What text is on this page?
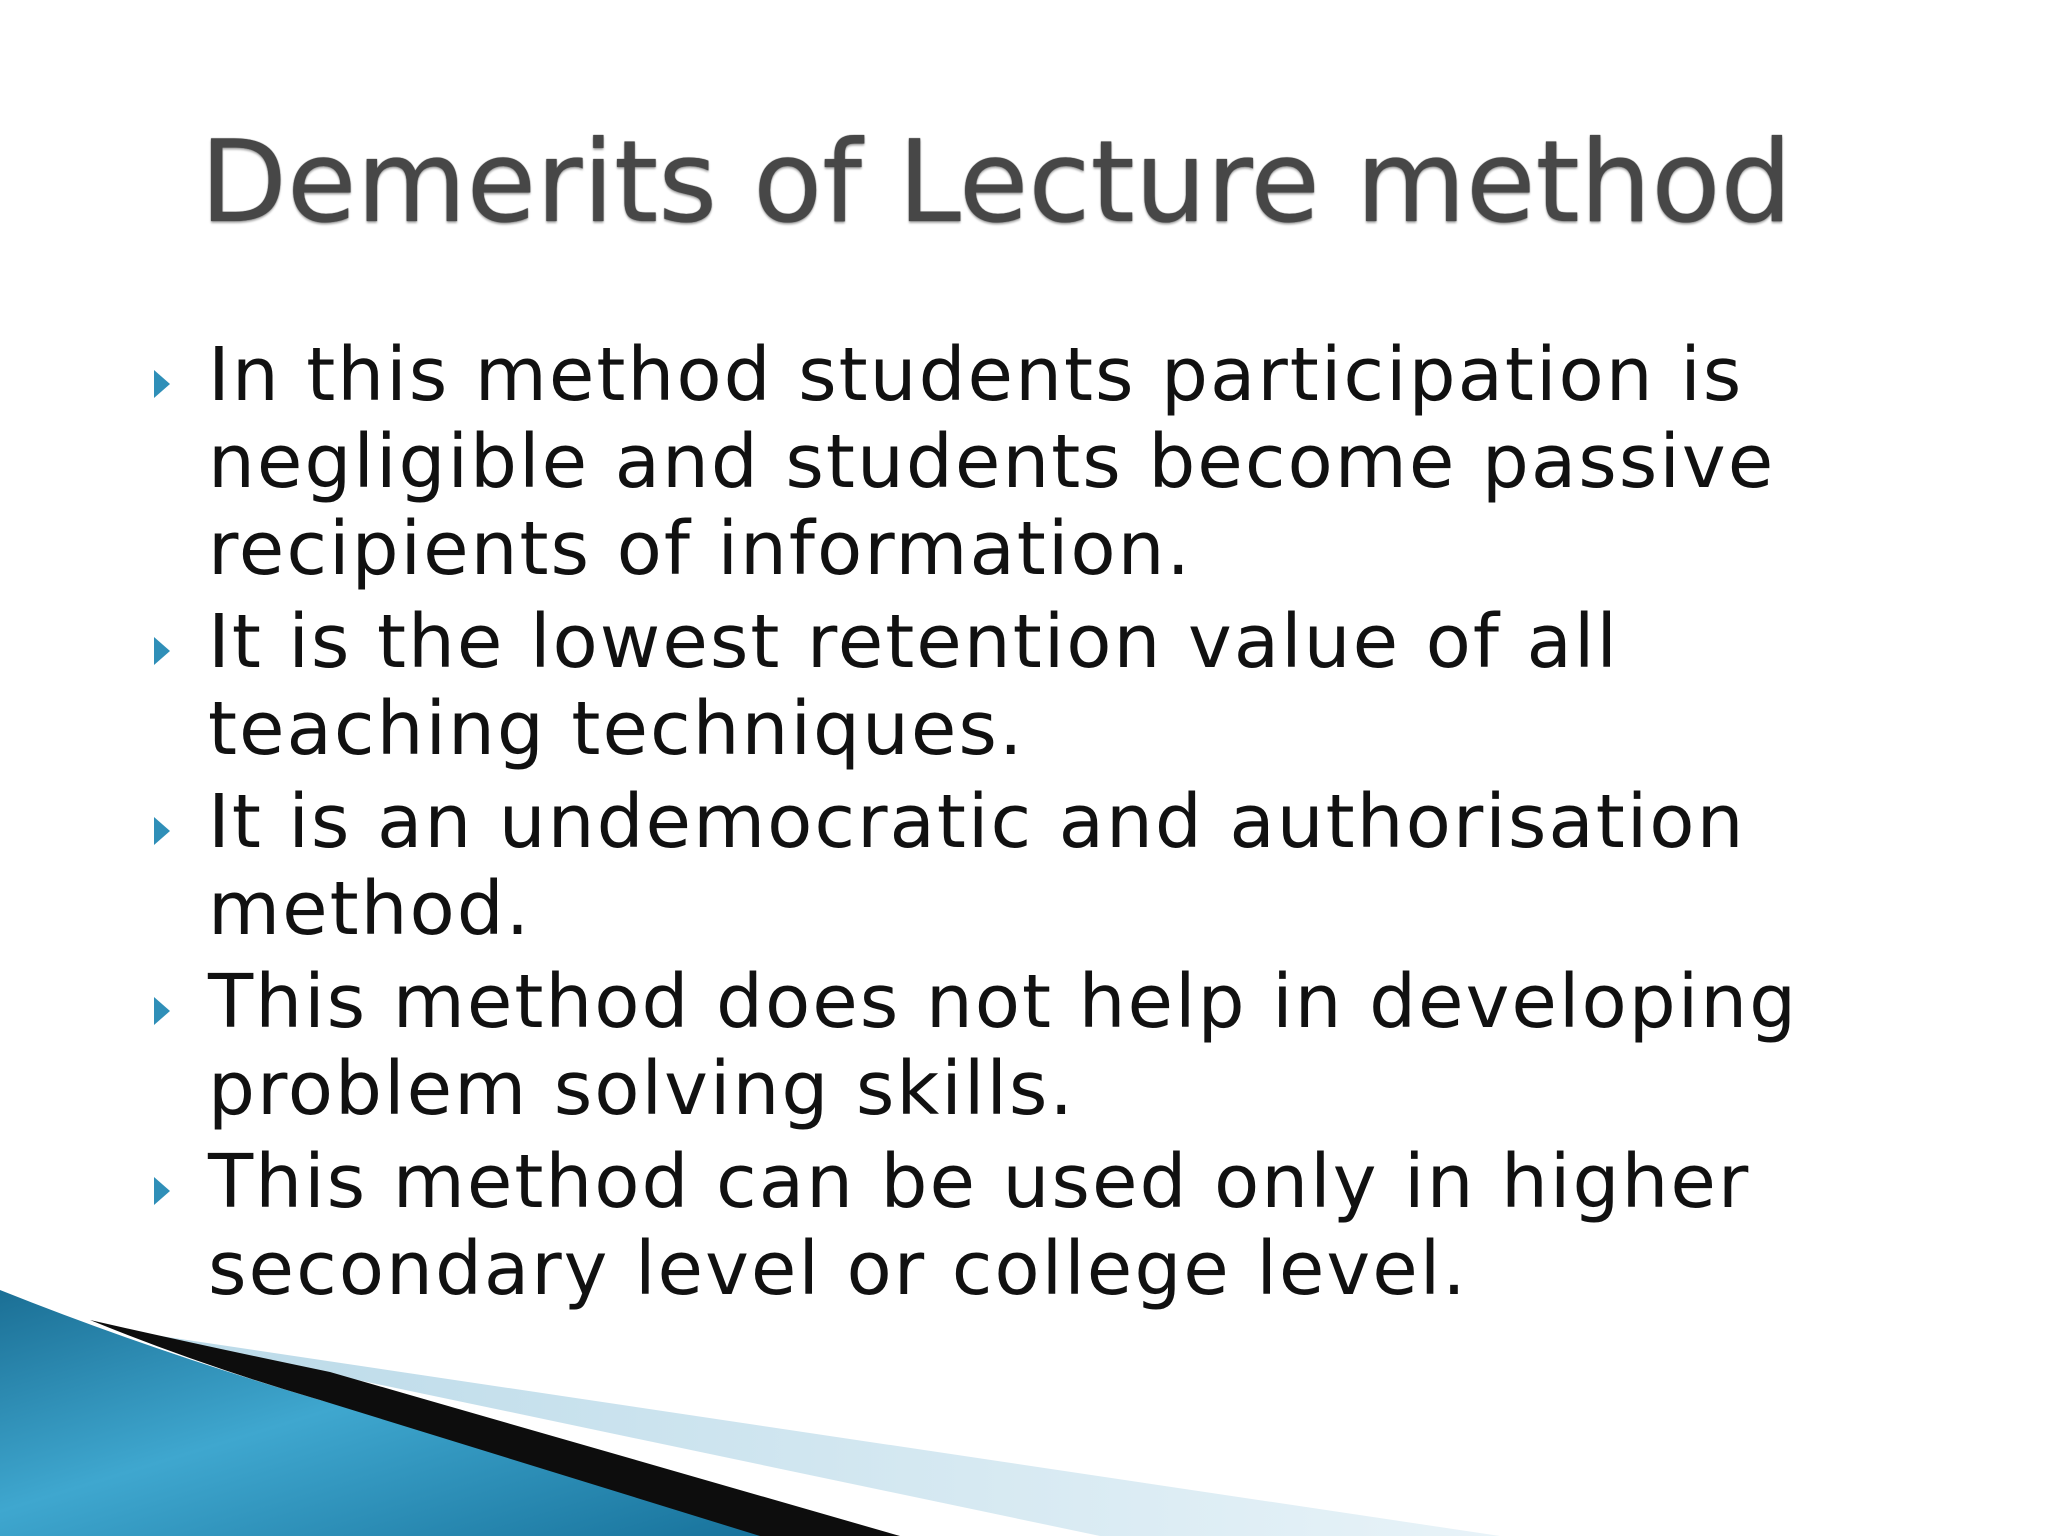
Demerits of Lecture method
In this method students participation is negligible and students become passive recipients of information.
It is the lowest retention value of all teaching techniques.
It is an undemocratic and authorisation method.
This method does not help in developing problem solving skills.
This method can be used only in higher secondary level or college level.
